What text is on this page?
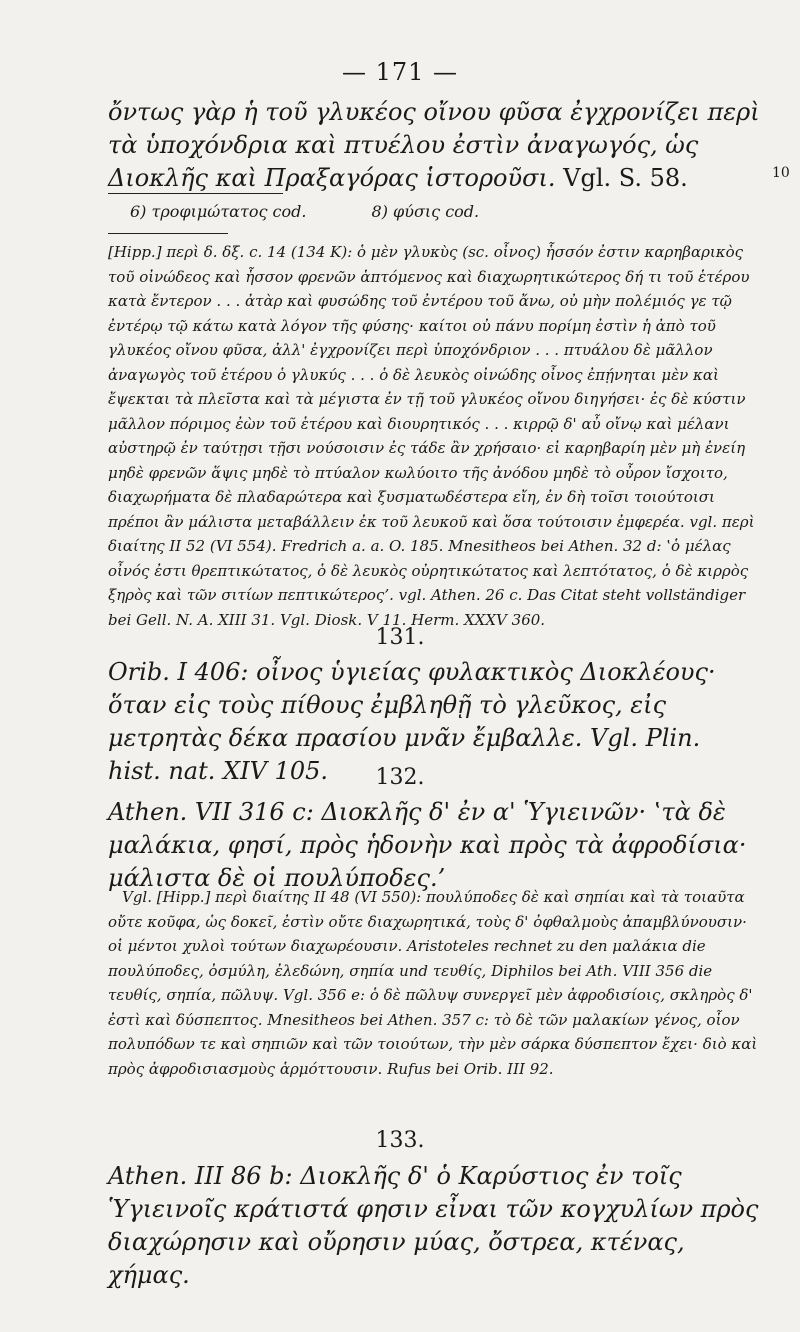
— 171 —
ὄντως γὰρ ἡ τοῦ γλυκέος οἴνου φῦσα ἐγχρονίζει περὶ τὰ ὑποχόνδρια καὶ πτυέλου ἐστὶν ἀναγωγός, ὡς Διοκλῆς καὶ Πραξαγόρας ἱστοροῦσι. Vgl. S. 58.	10
6) τροφιμώτατος cod.	8) φύσις cod.
[Hipp.] περὶ δ. δξ. c. 14 (134 K): ὁ μὲν γλυκὺς (sc. οἶνος) ἧσσόν ἐστιν καρηβαρικὸς τοῦ οἰνώδεος καὶ ἧσσον φρενῶν ἁπτόμενος καὶ διαχωρητικώτερος δή τι τοῦ ἑτέρου κατὰ ἔντερον . . . ἀτὰρ καὶ φυσώδης τοῦ ἐντέρου τοῦ ἄνω, οὐ μὴν πολέμιός γε τῷ ἐντέρῳ τῷ κάτω κατὰ λόγον τῆς φύσης· καίτοι οὐ πάνυ πορίμη ἐστὶν ἡ ἀπὸ τοῦ γλυκέος οἴνου φῦσα, ἀλλ' ἐγχρονίζει περὶ ὑποχόνδριον . . . πτυάλου δὲ μᾶλλον ἀναγωγὸς τοῦ ἑτέρου ὁ γλυκύς . . . ὁ δὲ λευκὸς οἰνώδης οἶνος ἐπῄνηται μὲν καὶ ἔψεκται τὰ πλεῖστα καὶ τὰ μέγιστα ἐν τῇ τοῦ γλυκέος οἴνου διηγήσει· ἐς δὲ κύστιν μᾶλλον πόριμος ἐὼν τοῦ ἑτέρου καὶ διουρητικός . . . κιρρῷ δ' αὖ οἴνῳ καὶ μέλανι αὐστηρῷ ἐν ταύτῃσι τῇσι νούσοισιν ἐς τάδε ἂν χρήσαιο· εἰ καρηβαρίη μὲν μὴ ἐνείη μηδὲ φρενῶν ἅψις μηδὲ τὸ πτύαλον κωλύοιτο τῆς ἀνόδου μηδὲ τὸ οὖρον ἴσχοιτο, διαχωρήματα δὲ πλαδαρώτερα καὶ ξυσματωδέστερα εἴη, ἐν δὴ τοῖσι τοιούτοισι πρέποι ἂν μάλιστα μεταβάλλειν ἐκ τοῦ λευκοῦ καὶ ὅσα τούτοισιν ἐμφερέα. vgl. περὶ διαίτης II 52 (VI 554). Fredrich a. a. O. 185. Mnesitheos bei Athen. 32 d: ‛ὁ μέλας οἶνός ἐστι θρεπτικώτατος, ὁ δὲ λευκὸς οὐρητικώτατος καὶ λεπτότατος, ὁ δὲ κιρρὸς ξηρὸς καὶ τῶν σιτίων πεπτικώτερος’. vgl. Athen. 26 c. Das Citat steht vollständiger bei Gell. N. A. XIII 31. Vgl. Diosk. V 11. Herm. XXXV 360.
131.
Orib. I 406: οἶνος ὑγιείας φυλακτικὸς Διοκλέους· ὅταν εἰς τοὺς πίθους ἐμβληθῇ τὸ γλεῦκος, εἰς μετρητὰς δέκα πρασίου μνᾶν ἔμβαλλε. Vgl. Plin. hist. nat. XIV 105.	132.
Athen. VII 316 c: Διοκλῆς δ' ἐν α' Ὑγιεινῶν· ‛τὰ δὲ μαλάκια, φησί, πρὸς ἡδονὴν καὶ πρὸς τὰ ἀφροδίσια· μάλιστα δὲ οἱ πουλύποδες.’
Vgl. [Hipp.] περὶ διαίτης II 48 (VI 550): πουλύποδες δὲ καὶ σηπίαι καὶ τὰ τοιαῦτα οὔτε κοῦφα, ὡς δοκεῖ, ἐστὶν οὔτε διαχωρητικά, τοὺς δ' ὀφθαλμοὺς ἀπαμβλύνουσιν· οἱ μέντοι χυλοὶ τούτων διαχωρέουσιν. Aristoteles rechnet zu den μαλάκια die πουλύποδες, ὀσμύλη, ἐλεδώνη, σηπία und τευθίς, Diphilos bei Ath. VIII 356 die τευθίς, σηπία, πῶλυψ. Vgl. 356 e: ὁ δὲ πῶλυψ συνεργεῖ μὲν ἀφροδισίοις, σκληρὸς δ' ἐστὶ καὶ δύσπεπτος. Mnesitheos bei Athen. 357 c: τὸ δὲ τῶν μαλακίων γένος, οἷον πολυπόδων τε καὶ σηπιῶν καὶ τῶν τοιούτων, τὴν μὲν σάρκα δύσπεπτον ἔχει· διὸ καὶ πρὸς ἀφροδισιασμοὺς ἁρμόττουσιν. Rufus bei Orib. III 92.
133.
Athen. III 86 b: Διοκλῆς δ' ὁ Καρύστιος ἐν τοῖς Ὑγιεινοῖς κράτιστά φησιν εἶναι τῶν κογχυλίων πρὸς διαχώρησιν καὶ οὔρησιν μύας, ὄστρεα, κτένας, χήμας.
